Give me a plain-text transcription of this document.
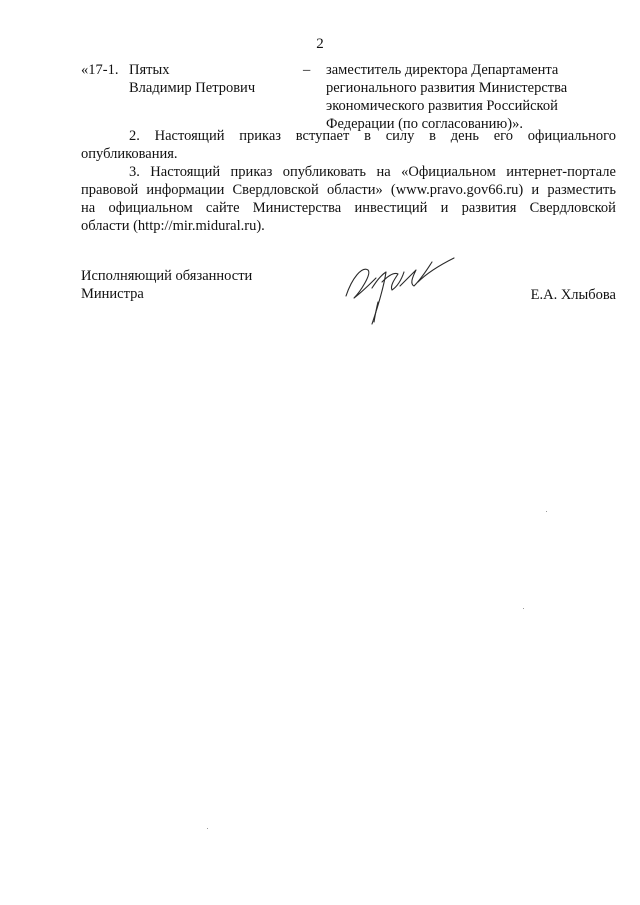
2
«17-1. Пятых
Владимир Петрович
– заместитель директора Департамента
регионального развития Министерства
экономического развития Российской
Федерации (по согласованию)».
2. Настоящий приказ вступает в силу в день его официального
опубликования.
3. Настоящий приказ опубликовать на «Официальном интернет-портале
правовой информации Свердловской области» (www.pravo.gov66.ru) и разместить
на официальном сайте Министерства инвестиций и развития Свердловской
области (http://mir.midural.ru).
Исполняющий обязанности
Министра	Е.А. Хлыбова
